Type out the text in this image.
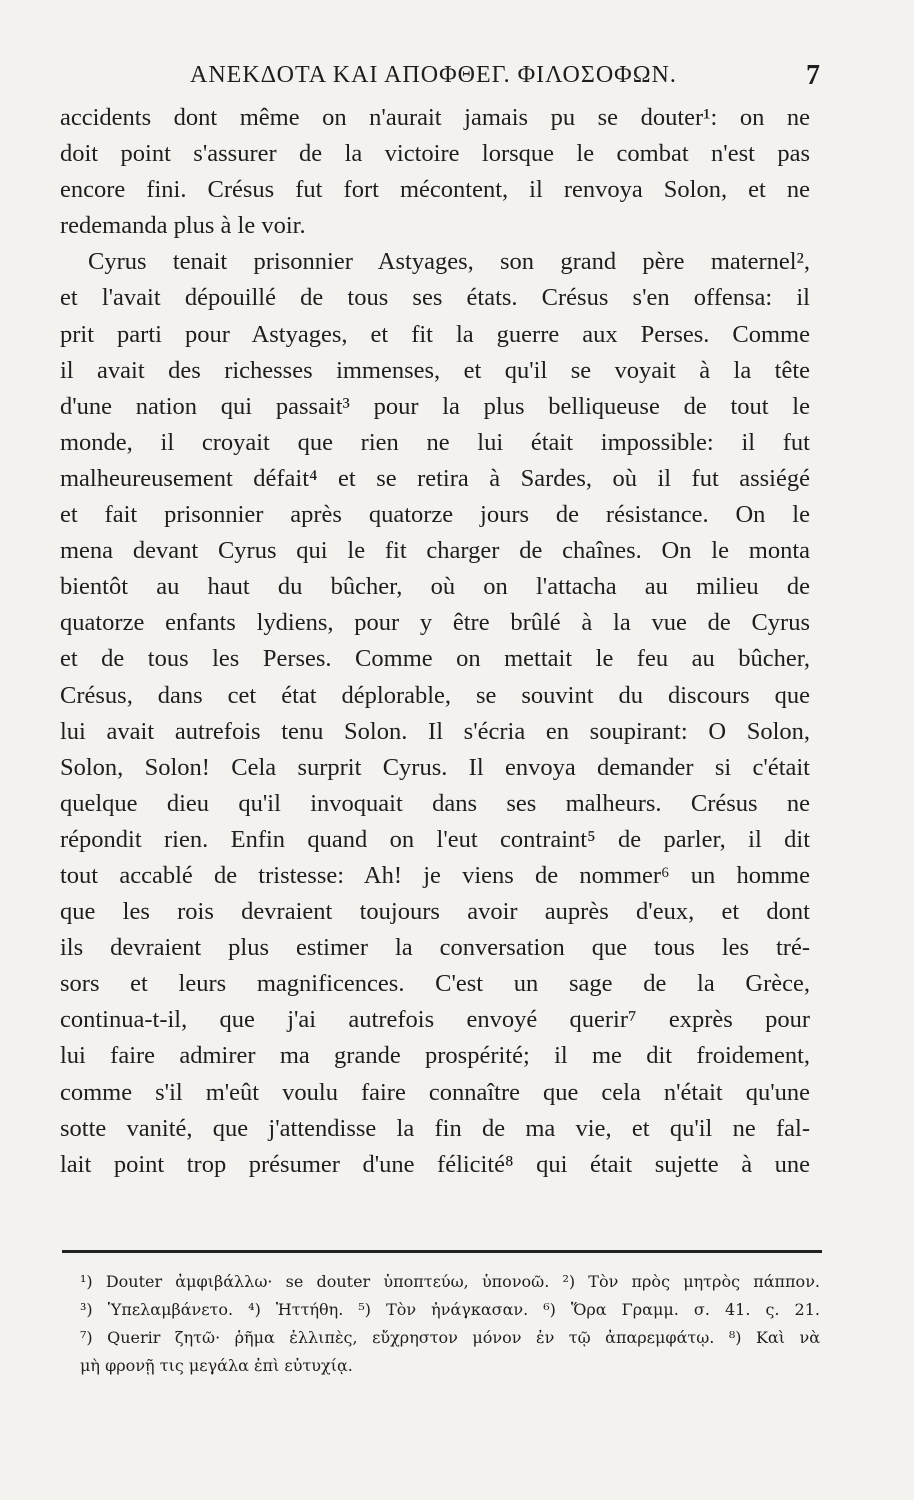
ΑΝΕΚΔΟΤΑ ΚΑΙ ΑΠΟΦΘΕΓ. ΦΙΛΟΣΟΦΩΝ.	7
accidents dont même on n'aurait jamais pu se douter¹: on ne
doit point s'assurer de la victoire lorsque le combat n'est pas
encore fini. Crésus fut fort mécontent, il renvoya Solon, et ne
redemanda plus à le voir.
Cyrus tenait prisonnier Astyages, son grand père maternel²,
et l'avait dépouillé de tous ses états. Crésus s'en offensa: il
prit parti pour Astyages, et fit la guerre aux Perses. Comme
il avait des richesses immenses, et qu'il se voyait à la tête
d'une nation qui passait³ pour la plus belliqueuse de tout le
monde, il croyait que rien ne lui était impossible: il fut
malheureusement défait⁴ et se retira à Sardes, où il fut assiégé
et fait prisonnier après quatorze jours de résistance. On le
mena devant Cyrus qui le fit charger de chaînes. On le monta
bientôt au haut du bûcher, où on l'attacha au milieu de
quatorze enfants lydiens, pour y être brûlé à la vue de Cyrus
et de tous les Perses. Comme on mettait le feu au bûcher,
Crésus, dans cet état déplorable, se souvint du discours que
lui avait autrefois tenu Solon. Il s'écria en soupirant: O Solon,
Solon, Solon! Cela surprit Cyrus. Il envoya demander si c'était
quelque dieu qu'il invoquait dans ses malheurs. Crésus ne
répondit rien. Enfin quand on l'eut contraint⁵ de parler, il dit
tout accablé de tristesse: Ah! je viens de nommer⁶ un homme
que les rois devraient toujours avoir auprès d'eux, et dont
ils devraient plus estimer la conversation que tous les tré-
sors et leurs magnificences. C'est un sage de la Grèce,
continua-t-il, que j'ai autrefois envoyé querir⁷ exprès pour
lui faire admirer ma grande prospérité; il me dit froidement,
comme s'il m'eût voulu faire connaître que cela n'était qu'une
sotte vanité, que j'attendisse la fin de ma vie, et qu'il ne fal-
lait point trop présumer d'une félicité⁸ qui était sujette à une
¹) Douter ἀμφιβάλλω· se douter ὑποπτεύω, ὑπονοῶ. ²) Τὸν πρὸς μητρὸς πάππον.
³) Ὑπελαμβάνετο. ⁴) Ἡττήθη. ⁵) Τὸν ἠνάγκασαν. ⁶) Ὅρα Γραμμ. σ. 41. ς. 21.
⁷) Querir ζητῶ· ῥῆμα ἐλλιπὲς, εὔχρηστον μόνον ἐν τῷ ἀπαρεμφάτῳ. ⁸) Καὶ νὰ
μὴ φρονῇ τις μεγάλα ἐπὶ εὐτυχίᾳ.
